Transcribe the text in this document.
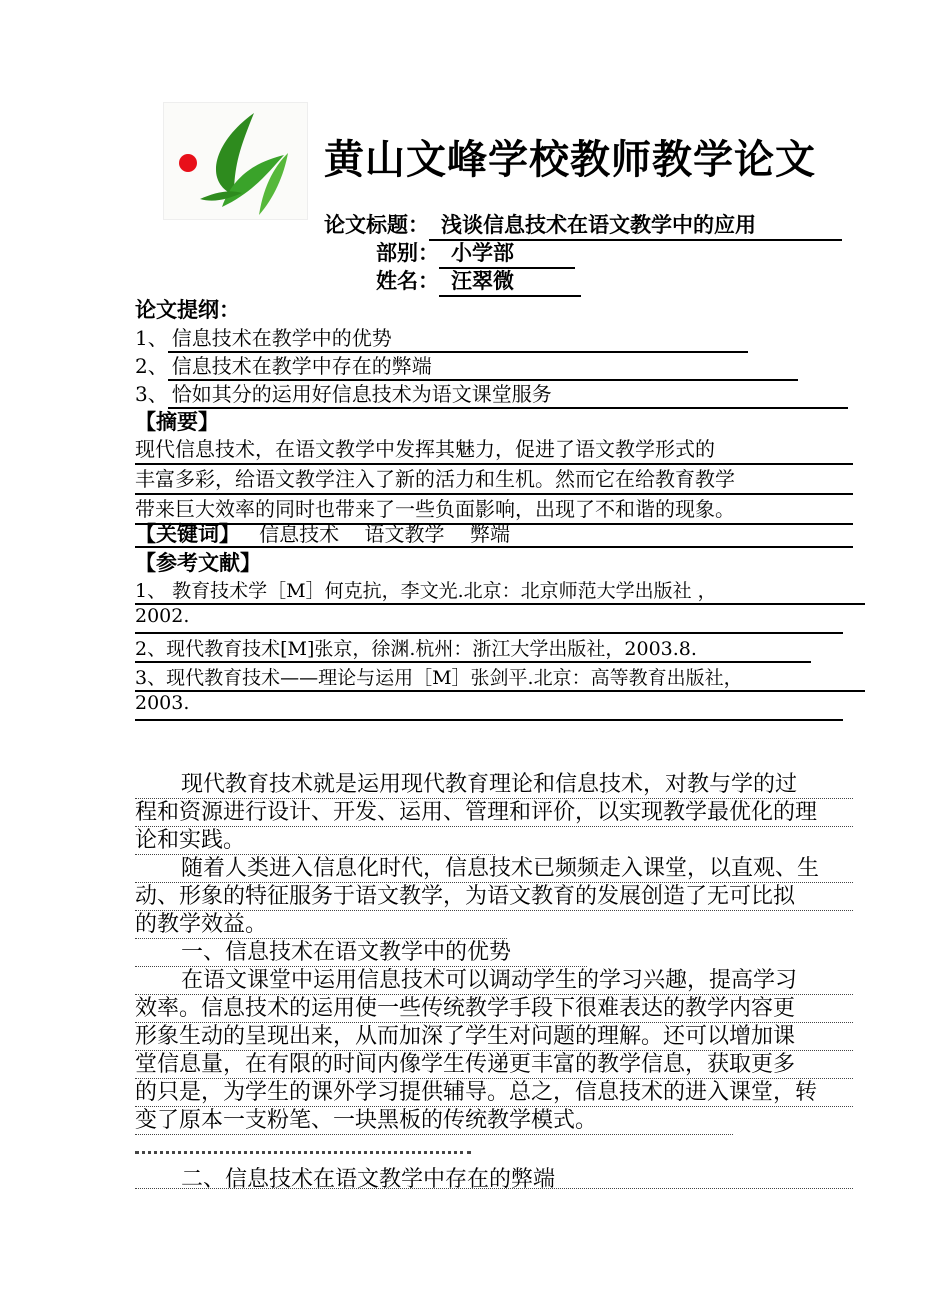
黄山文峰学校教师教学论文
论文标题： 浅谈信息技术在语文教学中的应用
部别： 小学部
姓名： 汪翠微
论文提纲：
1、 信息技术在教学中的优势
2、 信息技术在教学中存在的弊端
3、 恰如其分的运用好信息技术为语文课堂服务
【摘要】
现代信息技术，在语文教学中发挥其魅力，促进了语文教学形式的
丰富多彩，给语文教学注入了新的活力和生机。然而它在给教育教学
带来巨大效率的同时也带来了一些负面影响，出现了不和谐的现象。
【关键词】 信息技术    语文教学    弊端
【参考文献】
1、 教育技术学［M］何克抗，李文光.北京：北京师范大学出版社 ，
2002.
2、现代教育技术[M]张京，徐渊.杭州：浙江大学出版社，2003.8.
3、现代教育技术——理论与运用［M］张剑平.北京：高等教育出版社，
2003.
现代教育技术就是运用现代教育理论和信息技术，对教与学的过
程和资源进行设计、开发、运用、管理和评价，以实现教学最优化的理
论和实践。
随着人类进入信息化时代，信息技术已频频走入课堂，以直观、生
动、形象的特征服务于语文教学，为语文教育的发展创造了无可比拟
的教学效益。
一、信息技术在语文教学中的优势
在语文课堂中运用信息技术可以调动学生的学习兴趣，提高学习
效率。信息技术的运用使一些传统教学手段下很难表达的教学内容更
形象生动的呈现出来，从而加深了学生对问题的理解。还可以增加课
堂信息量，在有限的时间内像学生传递更丰富的教学信息，获取更多
的只是，为学生的课外学习提供辅导。总之，信息技术的进入课堂，转
变了原本一支粉笔、一块黑板的传统教学模式。
二、信息技术在语文教学中存在的弊端
